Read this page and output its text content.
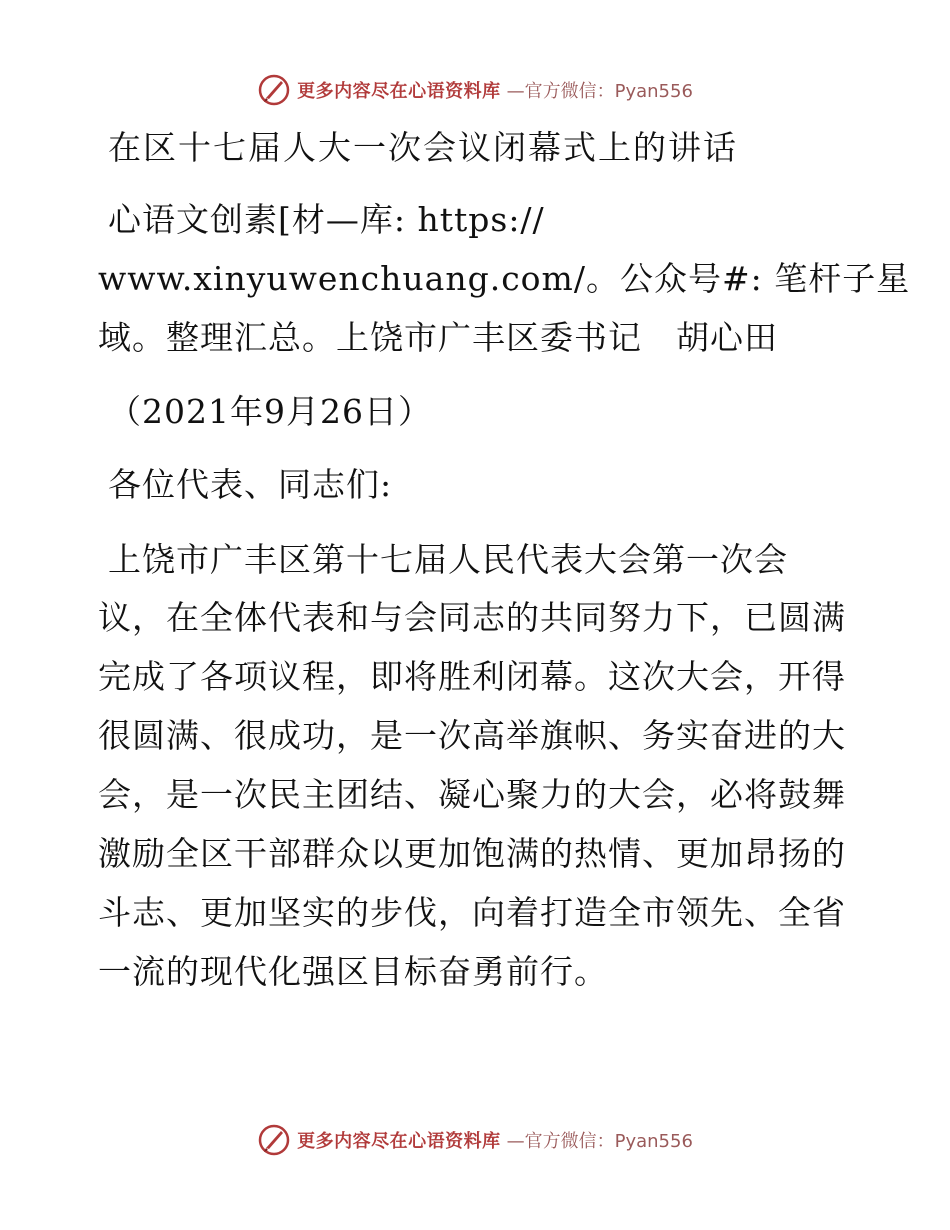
更多内容尽在心语资料库 —官方微信：Pyan556
在区十七届人大一次会议闭幕式上的讲话
心语文创素[材—库: https://
www.xinyuwenchuang.com/。公众号#: 笔杆子星
域。整理汇总。上饶市广丰区委书记　胡心田
（2021年9月26日）
各位代表、同志们:
上饶市广丰区第十七届人民代表大会第一次会
议，在全体代表和与会同志的共同努力下，已圆满
完成了各项议程，即将胜利闭幕。这次大会，开得
很圆满、很成功，是一次高举旗帜、务实奋进的大
会，是一次民主团结、凝心聚力的大会，必将鼓舞
激励全区干部群众以更加饱满的热情、更加昂扬的
斗志、更加坚实的步伐，向着打造全市领先、全省
一流的现代化强区目标奋勇前行。
更多内容尽在心语资料库 —官方微信：Pyan556
